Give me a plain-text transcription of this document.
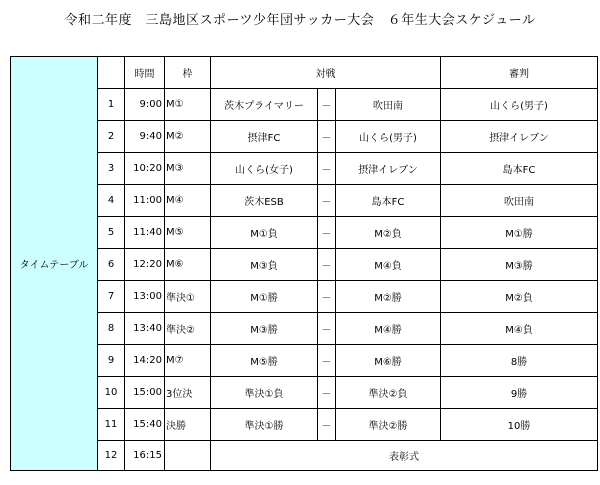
令和二年度　三島地区スポーツ少年団サッカー大会　６年生大会スケジュール
タイムテーブル		時間	枠	対戦			審判
	1	9:00	M①	茨木プライマリー	－	吹田南	山くら(男子)
	2	9:40	M②	摂津FC	－	山くら(男子)	摂津イレブン
	3	10:20	M③	山くら(女子)	－	摂津イレブン	島本FC
	4	11:00	M④	茨木ESB	－	島本FC	吹田南
	5	11:40	M⑤	M①負	－	M②負	M①勝
	6	12:20	M⑥	M③負	－	M④負	M③勝
	7	13:00	準決①	M①勝	－	M②勝	M②負
	8	13:40	準決②	M③勝	－	M④勝	M④負
	9	14:20	M⑦	M⑤勝	－	M⑥勝	8勝
	10	15:00	3位決	準決①負	－	準決②負	9勝
	11	15:40	決勝	準決①勝	－	準決②勝	10勝
	12	16:15		表彰式			
